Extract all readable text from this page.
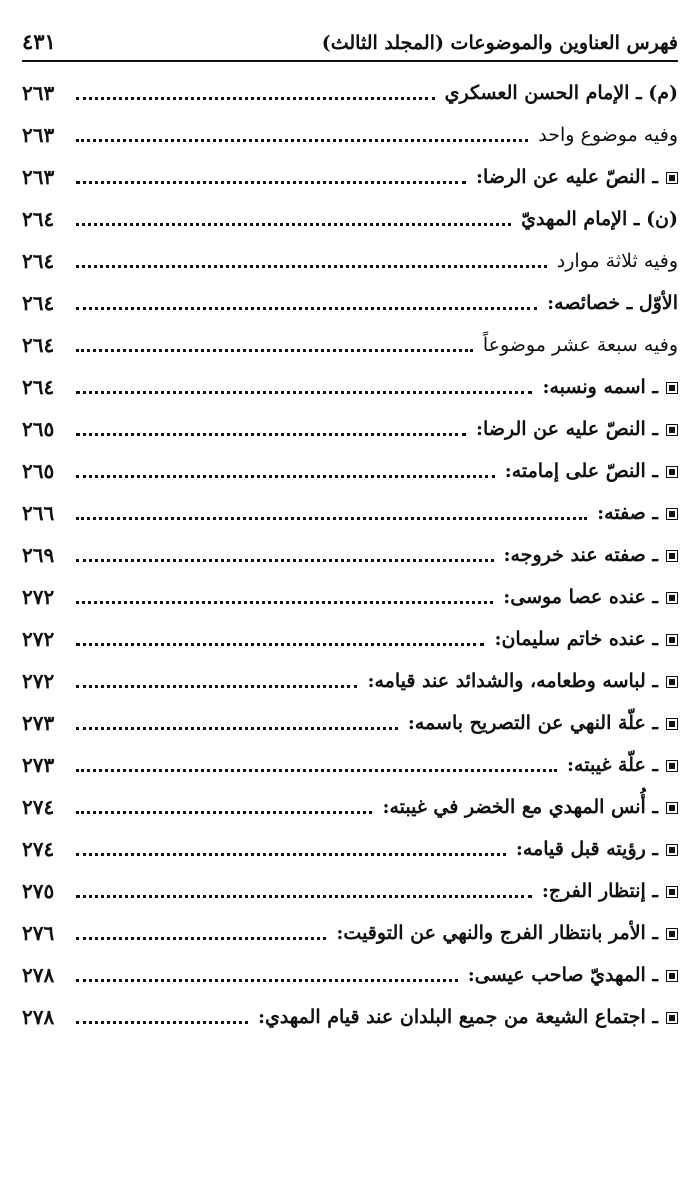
فهرس العناوين والموضوعات (المجلد الثالث)
٤٣١
(م) ـ الإمام الحسن العسكري
٢٦٣
وفيه موضوع واحد
٢٦٣
ـ النصّ عليه عن الرضا:
٢٦٣
(ن) ـ الإمام المهديّ
٢٦٤
وفيه ثلاثة موارد
٢٦٤
الأوّل ـ خصائصه:
٢٦٤
وفيه سبعة عشر موضوعاً
٢٦٤
ـ اسمه ونسبه:
٢٦٤
ـ النصّ عليه عن الرضا:
٢٦٥
ـ النصّ على إمامته:
٢٦٥
ـ صفته:
٢٦٦
ـ صفته عند خروجه:
٢٦٩
ـ عنده عصا موسى:
٢٧٢
ـ عنده خاتم سليمان:
٢٧٢
ـ لباسه وطعامه، والشدائد عند قيامه:
٢٧٢
ـ علّة النهي عن التصريح باسمه:
٢٧٣
ـ علّة غيبته:
٢٧٣
ـ أُنس المهدي مع الخضر في غيبته:
٢٧٤
ـ رؤيته قبل قيامه:
٢٧٤
ـ إنتظار الفرج:
٢٧٥
ـ الأمر بانتظار الفرج والنهي عن التوقيت:
٢٧٦
ـ المهديّ صاحب عيسى:
٢٧٨
ـ اجتماع الشيعة من جميع البلدان عند قيام المهدي:
٢٧٨
